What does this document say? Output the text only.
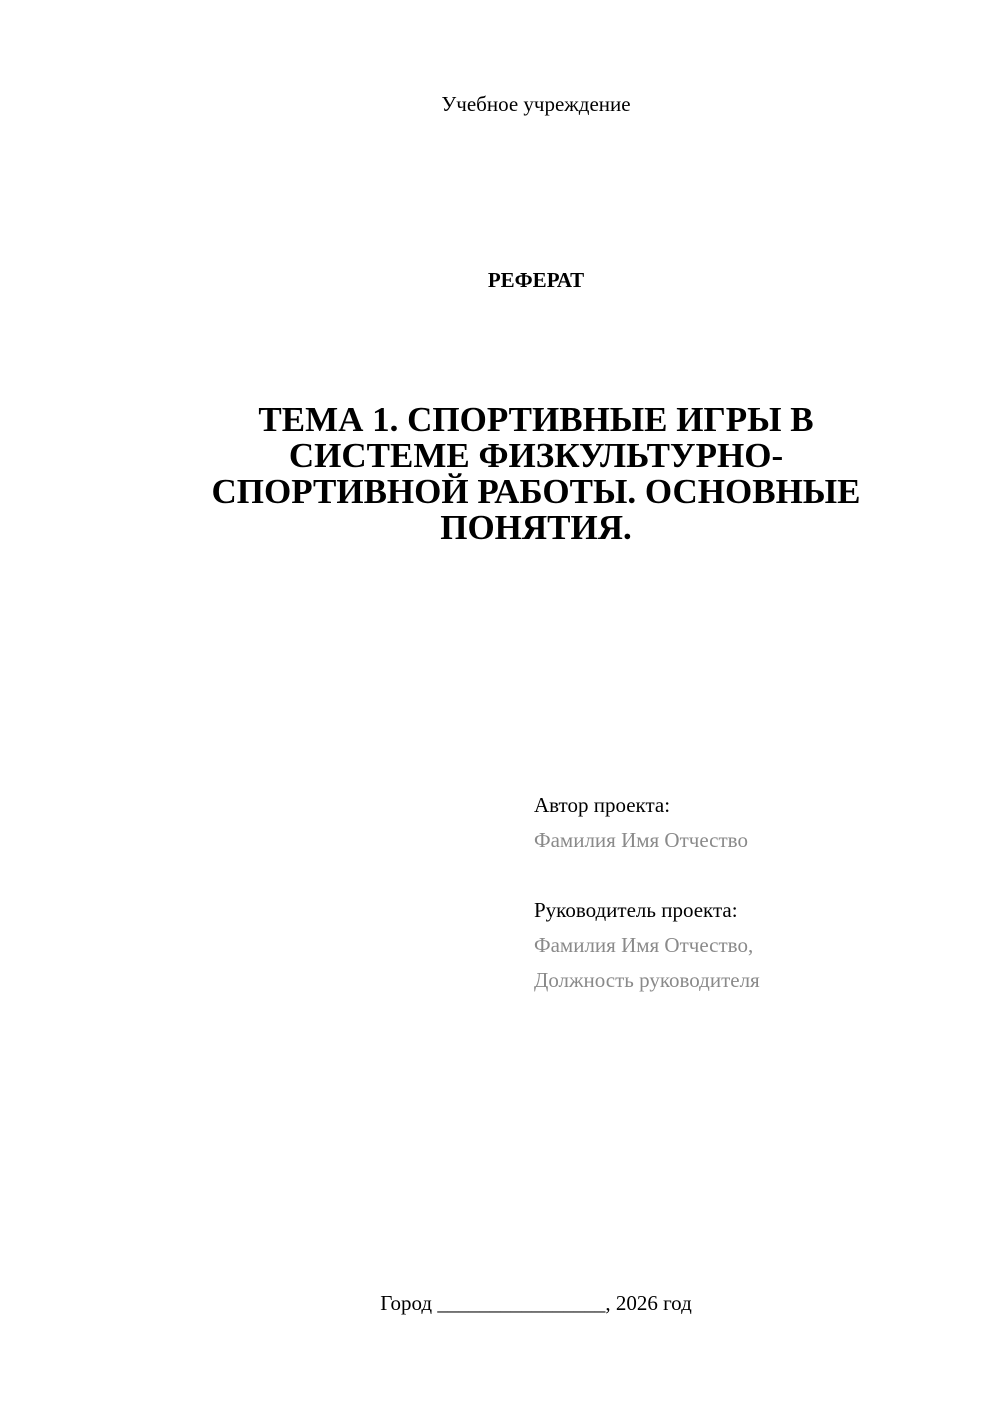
Учебное учреждение
РЕФЕРАТ
ТЕМА 1. СПОРТИВНЫЕ ИГРЫ В СИСТЕМЕ ФИЗКУЛЬТУРНО-СПОРТИВНОЙ РАБОТЫ. ОСНОВНЫЕ ПОНЯТИЯ.
Автор проекта:
Фамилия Имя Отчество
Руководитель проекта:
Фамилия Имя Отчество,
Должность руководителя
Город ________________, 2026 год
